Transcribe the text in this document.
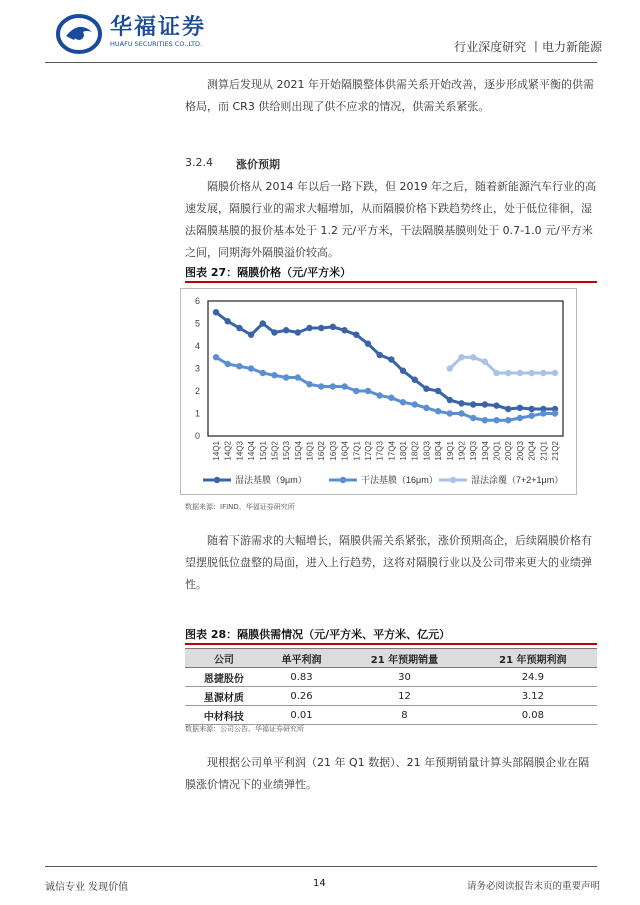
华福证券
HUAFU SECURITIES CO.,LTD.	行业深度研究 丨电力新能源

测算后发现从 2021 年开始隔膜整体供需关系开始改善，逐步形成紧平衡的供需格局，而 CR3 供给则出现了供不应求的情况，供需关系紧张。

3.2.4 涨价预期

隔膜价格从 2014 年以后一路下跌，但 2019 年之后，随着新能源汽车行业的高速发展，隔膜行业的需求大幅增加，从而隔膜价格下跌趋势终止，处于低位徘徊，湿法隔膜基膜的报价基本处于 1.2 元/平方米，干法隔膜基膜则处于 0.7-1.0 元/平方米之间，同期海外隔膜溢价较高。

图表 27：隔膜价格（元/平方米）
0
1
2
3
4
5
6
14Q1 14Q2 14Q3 14Q4 15Q1 15Q2 15Q3 15Q4 16Q1 16Q2 16Q3 16Q4 17Q1 17Q2 17Q3 17Q4 18Q1 18Q2 18Q3 18Q4 19Q1 19Q2 19Q3 19Q4 20Q1 20Q2 20Q3 20Q4 21Q1 21Q2
湿法基膜（9μm）	干法基膜（16μm）	湿法涂覆（7+2+1μm）
数据来源：IFIND、华福证券研究所

随着下游需求的大幅增长，隔膜供需关系紧张，涨价预期高企，后续隔膜价格有望摆脱低位盘整的局面，进入上行趋势，这将对隔膜行业以及公司带来更大的业绩弹性。

图表 28：隔膜供需情况（元/平方米、平方米、亿元）
公司	单平利润	21 年预期销量	21 年预期利润
恩捷股份	0.83	30	24.9
星源材质	0.26	12	3.12
中材科技	0.01	8	0.08
数据来源：公司公告、华福证券研究所

现根据公司单平利润（21 年 Q1 数据）、21 年预期销量计算头部隔膜企业在隔膜涨价情况下的业绩弹性。

诚信专业 发现价值	14	请务必阅读报告末页的重要声明
